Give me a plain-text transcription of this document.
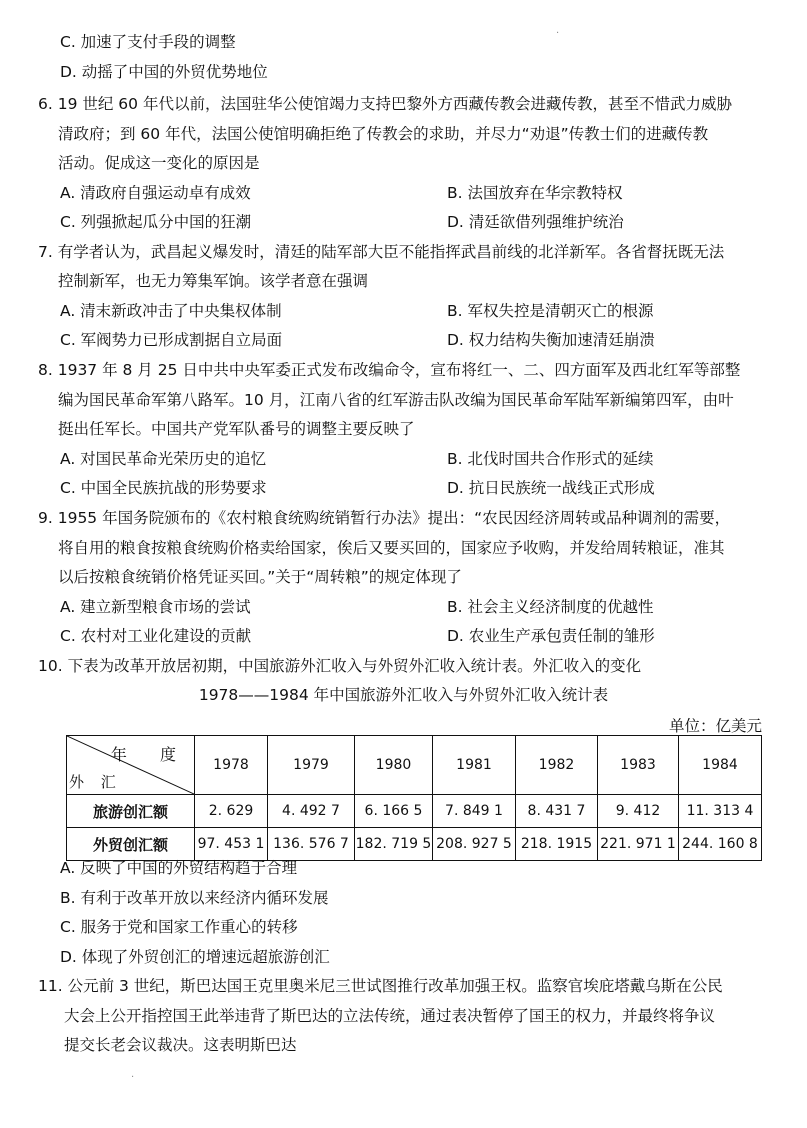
C. 加速了支付手段的调整
D. 动摇了中国的外贸优势地位
·
6. 19 世纪 60 年代以前，法国驻华公使馆竭力支持巴黎外方西藏传教会进藏传教，甚至不惜武力威胁
清政府；到 60 年代，法国公使馆明确拒绝了传教会的求助，并尽力“劝退”传教士们的进藏传教
活动。促成这一变化的原因是
A. 清政府自强运动卓有成效	B. 法国放弃在华宗教特权
C. 列强掀起瓜分中国的狂潮	D. 清廷欲借列强维护统治
7. 有学者认为，武昌起义爆发时，清廷的陆军部大臣不能指挥武昌前线的北洋新军。各省督抚既无法
控制新军，也无力筹集军饷。该学者意在强调
A. 清末新政冲击了中央集权体制	B. 军权失控是清朝灭亡的根源
C. 军阀势力已形成割据自立局面	D. 权力结构失衡加速清廷崩溃
8. 1937 年 8 月 25 日中共中央军委正式发布改编命令，宣布将红一、二、四方面军及西北红军等部整
编为国民革命军第八路军。10 月，江南八省的红军游击队改编为国民革命军陆军新编第四军，由叶
挺出任军长。中国共产党军队番号的调整主要反映了
A. 对国民革命光荣历史的追忆	B. 北伐时国共合作形式的延续
C. 中国全民族抗战的形势要求	D. 抗日民族统一战线正式形成
9. 1955 年国务院颁布的《农村粮食统购统销暂行办法》提出：“农民因经济周转或品种调剂的需要，
将自用的粮食按粮食统购价格卖给国家，俟后又要买回的，国家应予收购，并发给周转粮证，准其
以后按粮食统销价格凭证买回。”关于“周转粮”的规定体现了
A. 建立新型粮食市场的尝试	B. 社会主义经济制度的优越性
C. 农村对工业化建设的贡献	D. 农业生产承包责任制的雏形
10. 下表为改革开放居初期，中国旅游外汇收入与外贸外汇收入统计表。外汇收入的变化
1978——1984 年中国旅游外汇收入与外贸外汇收入统计表
单位：亿美元
年 度
外 汇	1978	1979	1980	1981	1982	1983	1984
旅游创汇额	2. 629	4. 492 7	6. 166 5	7. 849 1	8. 431 7	9. 412	11. 313 4
外贸创汇额	97. 453 1	136. 576 7	182. 719 5	208. 927 5	218. 1915	221. 971 1	244. 160 8
A. 反映了中国的外贸结构趋于合理
B. 有利于改革开放以来经济内循环发展
C. 服务于党和国家工作重心的转移
D. 体现了外贸创汇的增速远超旅游创汇
11. 公元前 3 世纪，斯巴达国王克里奥米尼三世试图推行改革加强王权。监察官埃庇塔戴乌斯在公民
大会上公开指控国王此举违背了斯巴达的立法传统，通过表决暂停了国王的权力，并最终将争议
提交长老会议裁决。这表明斯巴达
·
